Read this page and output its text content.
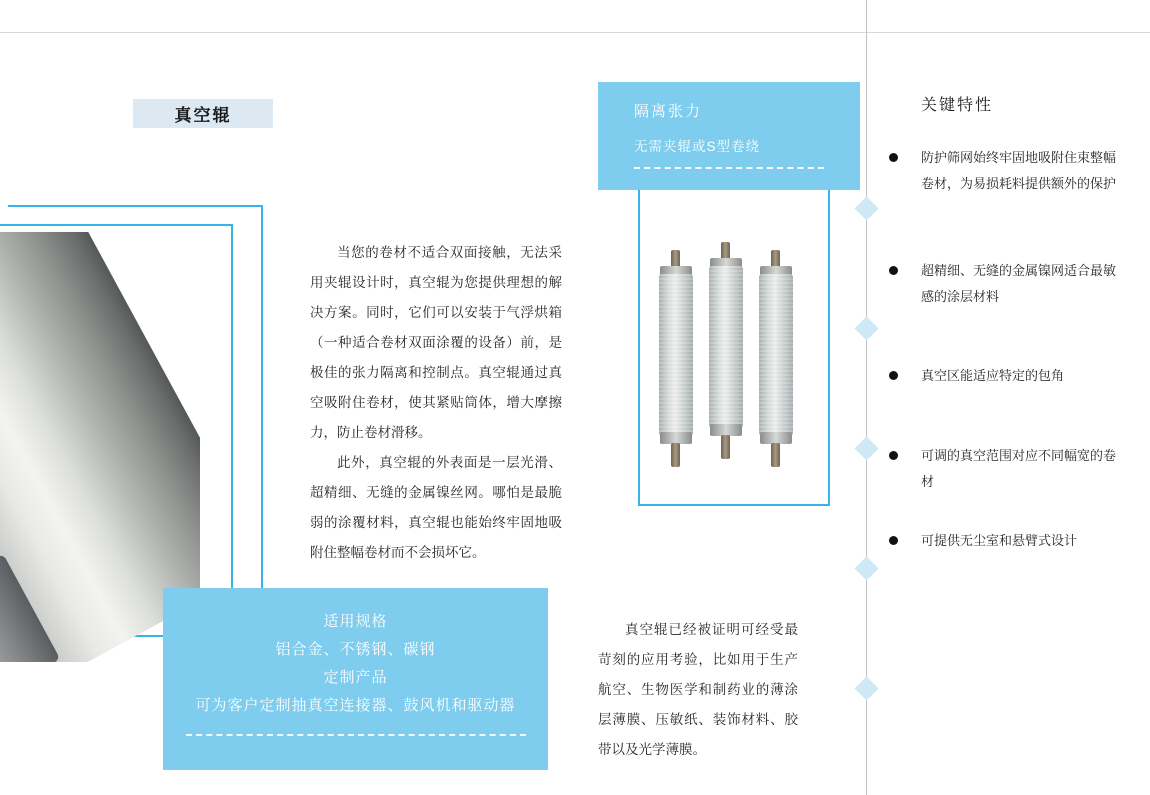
真空辊

当您的卷材不适合双面接触，无法采用夹辊设计时，真空辊为您提供理想的解决方案。同时，它们可以安装于气浮烘箱（一种适合卷材双面涂覆的设备）前，是极佳的张力隔离和控制点。真空辊通过真空吸附住卷材，使其紧贴筒体，增大摩擦力，防止卷材滑移。

此外，真空辊的外表面是一层光滑、超精细、无缝的金属镍丝网。哪怕是最脆弱的涂覆材料，真空辊也能始终牢固地吸附住整幅卷材而不会损坏它。

适用规格
铝合金、不锈钢、碳钢
定制产品
可为客户定制抽真空连接器、鼓风机和驱动器
隔离张力
无需夹辊或S型卷绕

真空辊已经被证明可经受最苛刻的应用考验，比如用于生产航空、生物医学和制药业的薄涂层薄膜、压敏纸、装饰材料、胶带以及光学薄膜。

关键特性
防护筛网始终牢固地吸附住束整幅卷材，为易损耗料提供额外的保护
超精细、无缝的金属镍网适合最敏感的涂层材料
真空区能适应特定的包角
可调的真空范围对应不同幅宽的卷材
可提供无尘室和悬臂式设计
